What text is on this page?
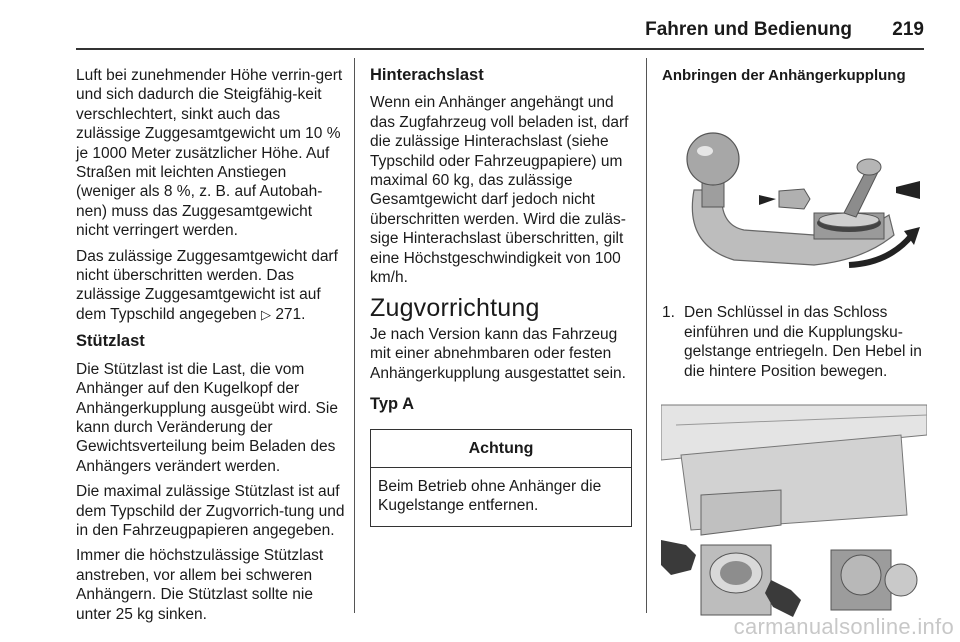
Fahren und Bedienung 219

Luft bei zunehmender Höhe verrin-gert und sich dadurch die Steigfähig-keit verschlechtert, sinkt auch das zulässige Zuggesamtgewicht um 10 % je 1000 Meter zusätzlicher Höhe. Auf Straßen mit leichten Anstiegen (weniger als 8 %, z. B. auf Autobah-nen) muss das Zuggesamtgewicht nicht verringert werden.

Das zulässige Zuggesamtgewicht darf nicht überschritten werden. Das zulässige Zuggesamtgewicht ist auf dem Typschild angegeben ▷ 271.

Stützlast

Die Stützlast ist die Last, die vom Anhänger auf den Kugelkopf der Anhängerkupplung ausgeübt wird. Sie kann durch Veränderung der Gewichtsverteilung beim Beladen des Anhängers verändert werden.

Die maximal zulässige Stützlast ist auf dem Typschild der Zugvorrich-tung und in den Fahrzeugpapieren angegeben.

Immer die höchstzulässige Stützlast anstreben, vor allem bei schweren Anhängern. Die Stützlast sollte nie unter 25 kg sinken.

Hinterachslast

Wenn ein Anhänger angehängt und das Zugfahrzeug voll beladen ist, darf die zulässige Hinterachslast (siehe Typschild oder Fahrzeugpapiere) um maximal 60 kg, das zulässige Gesamtgewicht darf jedoch nicht überschritten werden. Wird die zuläs-sige Hinterachslast überschritten, gilt eine Höchstgeschwindigkeit von 100 km/h.

Zugvorrichtung

Je nach Version kann das Fahrzeug mit einer abnehmbaren oder festen Anhängerkupplung ausgestattet sein.

Typ A
Achtung
Beim Betrieb ohne Anhänger die Kugelstange entfernen.
Anbringen der Anhängerkupplung
1. Den Schlüssel in das Schloss einführen und die Kupplungsku-gelstange entriegeln. Den Hebel in die hintere Position bewegen.
carmanualsonline.info
